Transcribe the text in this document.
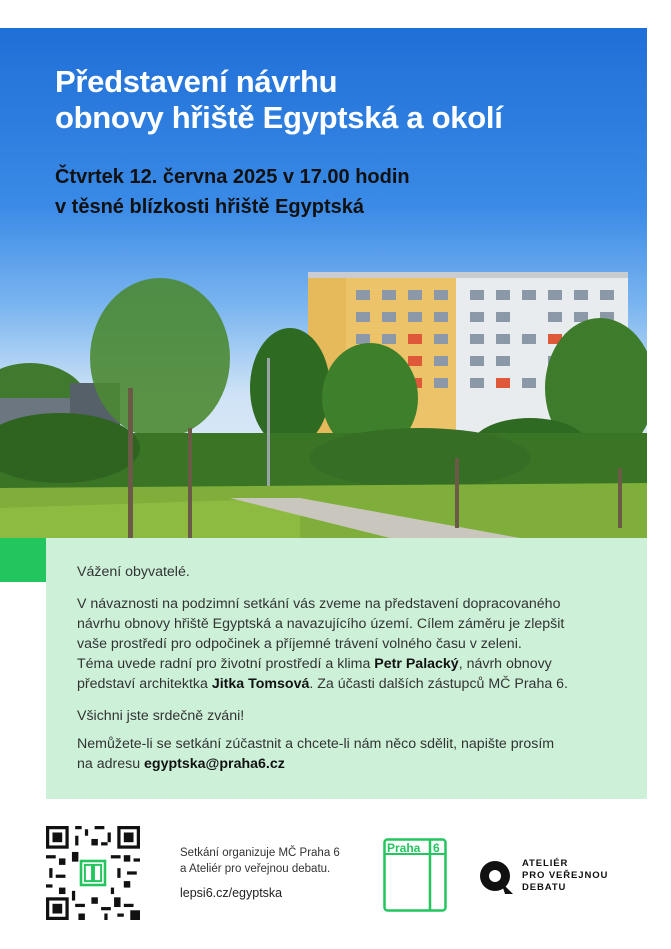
Představení návrhu
obnovy hřiště Egyptská a okolí
Čtvrtek 12. června 2025 v 17.00 hodin
v těsné blízkosti hřiště Egyptská

Vážení obyvatelé.

V návaznosti na podzimní setkání vás zveme na představení dopracovaného
návrhu obnovy hřiště Egyptská a navazujícího území. Cílem záměru je zlepšit
vaše prostředí pro odpočinek a příjemné trávení volného času v zeleni.
Téma uvede radní pro životní prostředí a klima Petr Palacký, návrh obnovy
představí architektka Jitka Tomsová. Za účasti dalších zástupců MČ Praha 6.

Všichni jste srdečně zváni!

Nemůžete-li se setkání zúčastnit a chcete-li nám něco sdělit, napište prosím
na adresu egyptska@praha6.cz

Setkání organizuje MČ Praha 6
a Ateliér pro veřejnou debatu.
lepsi6.cz/egyptska
Praha 6
ATELIÉR
PRO VEŘEJNOU
DEBATU
